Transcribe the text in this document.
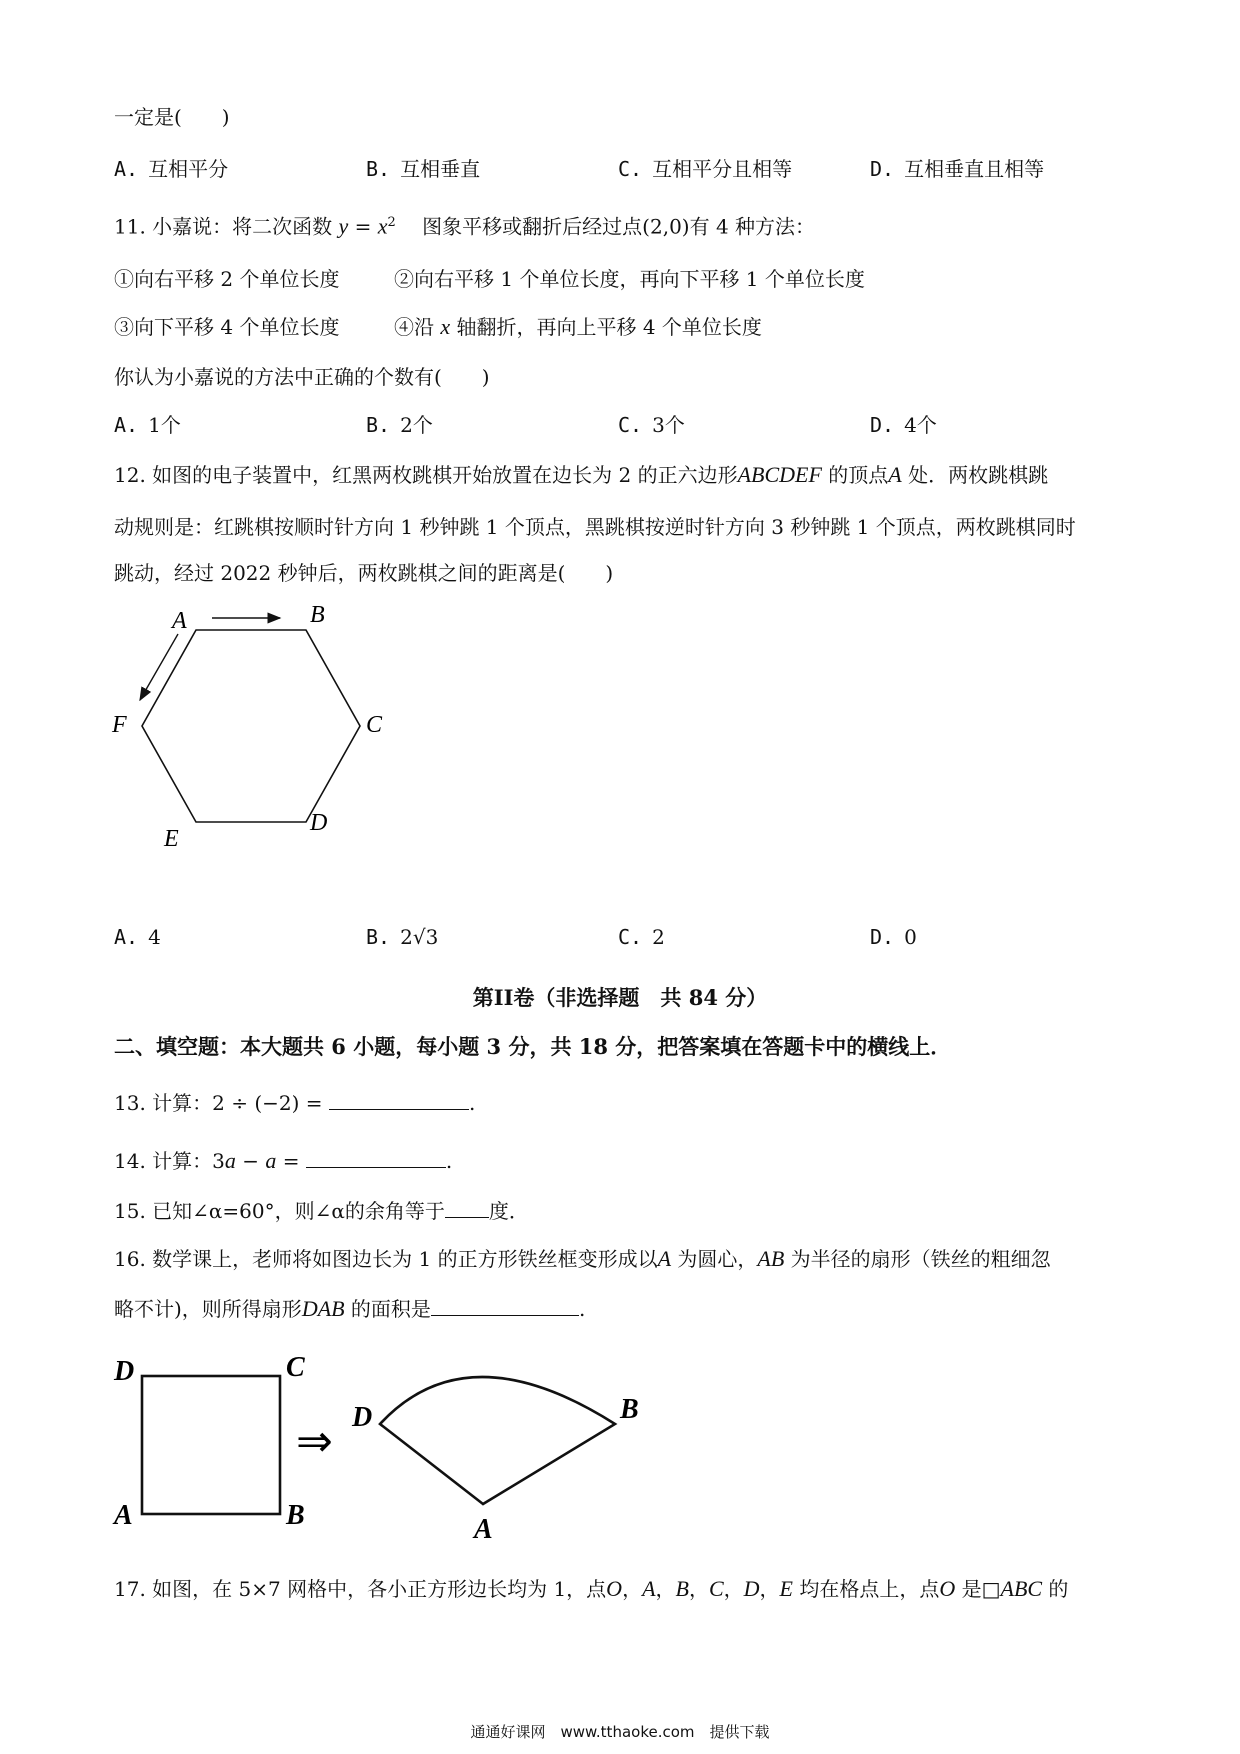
一定是(　　)
A. 互相平分	B. 互相垂直	C. 互相平分且相等	D. 互相垂直且相等
11. 小嘉说：将二次函数 $y = x^2$ 　图象平移或翻折后经过点(2,0)有 4 种方法：
①向右平移 2 个单位长度	②向右平移 1 个单位长度，再向下平移 1 个单位长度
③向下平移 4 个单位长度	④沿 x 轴翻折，再向上平移 4 个单位长度
你认为小嘉说的方法中正确的个数有(　　)
A. 1个	B. 2个	C. 3个	D. 4个
12. 如图的电子装置中，红黑两枚跳棋开始放置在边长为 2 的正六边形ABCDEF 的顶点A 处．两枚跳棋跳
动规则是：红跳棋按顺时针方向 1 秒钟跳 1 个顶点，黑跳棋按逆时针方向 3 秒钟跳 1 个顶点，两枚跳棋同时
跳动，经过 2022 秒钟后，两枚跳棋之间的距离是(　　)
A	B
C
D
E
F
A. 4	B. 2√3	C. 2	D. 0
第II卷（非选择题　共 84 分）
二、填空题：本大题共 6 小题，每小题 3 分，共 18 分，把答案填在答题卡中的横线上．
13. 计算：2 ÷ (−2) =	.
14. 计算：3a − a =	.
15. 已知∠α=60°，则∠α的余角等于 度．
16. 数学课上，老师将如图边长为 1 的正方形铁丝框变形成以A 为圆心，AB 为半径的扇形（铁丝的粗细忽
略不计)，则所得扇形DAB 的面积是	.
D	C
A	B
⇒ D	B
A
17. 如图，在 5×7 网格中，各小正方形边长均为 1，点O，A，B，C，D，E 均在格点上，点O 是□ABC 的
通通好课网　www.tthaoke.com　提供下载
